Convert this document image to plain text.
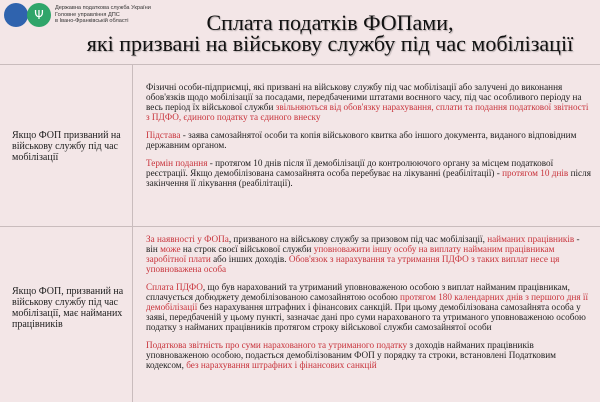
Ψ	Державна податкова служба України
Головне управління ДПС
в Івано-Франківській області	Сплата податків ФОПами,
які призвані на військову службу під час мобілізації
Якщо ФОП призваний на військову службу під час мобілізації
Фізичні особи-підприємці, які призвані на військову службу під час мобілізації або залучені до виконання обов'язків щодо мобілізації за посадами, передбаченими штатами воєнного часу, під час особливого періоду на весь період їх військової служби звільняються від обов'язку нарахування, сплати та подання податкової звітності з ПДФО, єдиного податку та єдиного внеску
Підстава - заява самозайнятої особи та копія військового квитка або іншого документа, виданого відповідним державним органом.
Термін подання - протягом 10 днів після її демобілізації до контролюючого органу за місцем податкової реєстрації. Якщо демобілізована самозайнята особа перебуває на лікуванні (реабілітації) - протягом 10 днів після закінчення її лікування (реабілітації).
Якщо ФОП, призваний на військову службу під час мобілізації, має найманих працівників
За наявності у ФОПа, призваного на військову службу за призовом під час мобілізації, найманих працівників - він може на строк своєї військової служби уповноважити іншу особу на виплату найманим працівникам заробітної плати або інших доходів. Обов'язок з нарахування та утримання ПДФО з таких виплат несе ця уповноважена особа
Сплата ПДФО, що був нарахований та утриманий уповноваженою особою з виплат найманим працівникам, сплачується добюджету демобілізованою самозайнятою особою протягом 180 календарних днів з першого дня її демобілізації без нарахування штрафних і фінансових санкцій. При цьому демобілізована самозайнята особа у заяві, передбаченій у цьому пункті, зазначає дані про суми нарахованого та утриманого уповноваженою особою податку з найманих працівників протягом строку військової служби самозайнятої особи
Податкова звітність про суми нарахованого та утриманого податку з доходів найманих працівників уповноваженою особою, подається демобілізованим ФОП у порядку та строки, встановлені Податковим кодексом, без нарахування штрафних і фінансових санкцій
